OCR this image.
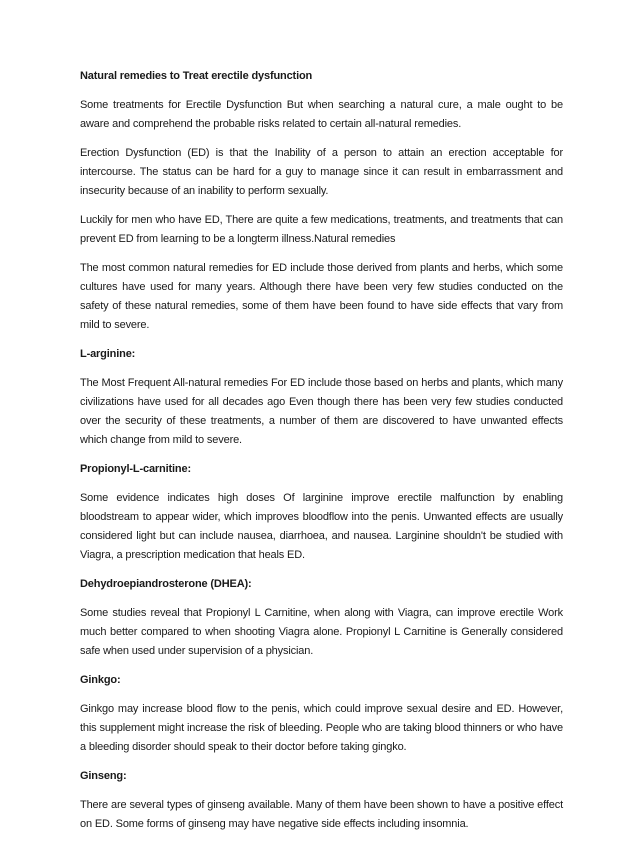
Natural remedies to Treat erectile dysfunction

Some treatments for Erectile Dysfunction But when searching a natural cure, a male ought to be aware and comprehend the probable risks related to certain all-natural remedies.

Erection Dysfunction (ED) is that the Inability of a person to attain an erection acceptable for intercourse. The status can be hard for a guy to manage since it can result in embarrassment and insecurity because of an inability to perform sexually.

Luckily for men who have ED, There are quite a few medications, treatments, and treatments that can prevent ED from learning to be a longterm illness.Natural remedies

The most common natural remedies for ED include those derived from plants and herbs, which some cultures have used for many years. Although there have been very few studies conducted on the safety of these natural remedies, some of them have been found to have side effects that vary from mild to severe.

L-arginine:

The Most Frequent All-natural remedies For ED include those based on herbs and plants, which many civilizations have used for all decades ago Even though there has been very few studies conducted over the security of these treatments, a number of them are discovered to have unwanted effects which change from mild to severe.

Propionyl-L-carnitine:

Some evidence indicates high doses Of larginine improve erectile malfunction by enabling bloodstream to appear wider, which improves bloodflow into the penis. Unwanted effects are usually considered light but can include nausea, diarrhoea, and nausea. Larginine shouldn't be studied with Viagra, a prescription medication that heals ED.

Dehydroepiandrosterone (DHEA):

Some studies reveal that Propionyl L Carnitine, when along with Viagra, can improve erectile Work much better compared to when shooting Viagra alone. Propionyl L Carnitine is Generally considered safe when used under supervision of a physician.

Ginkgo:

Ginkgo may increase blood flow to the penis, which could improve sexual desire and ED. However, this supplement might increase the risk of bleeding. People who are taking blood thinners or who have a bleeding disorder should speak to their doctor before taking gingko.

Ginseng:

There are several types of ginseng available. Many of them have been shown to have a positive effect on ED. Some forms of ginseng may have negative side effects including insomnia.
